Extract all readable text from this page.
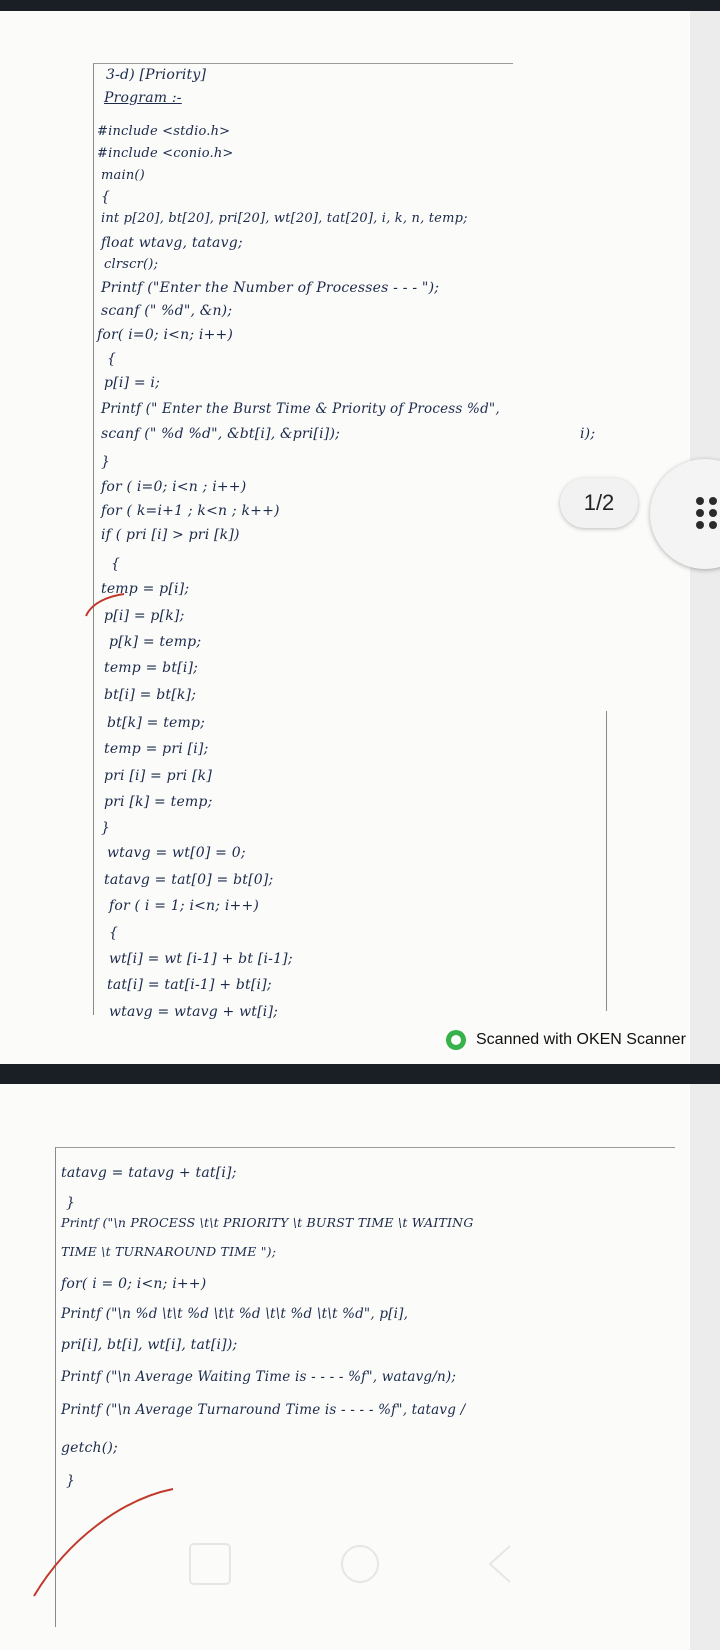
3-d) [Priority]
Program :-
#include <stdio.h>
#include <conio.h>
main()
{
int p[20], bt[20], pri[20], wt[20], tat[20], i, k, n, temp;
float wtavg, tatavg;
clrscr();
Printf ("Enter the Number of Processes - - - ");
scanf (" %d", &n);
for( i=0; i<n; i++)
{
p[i] = i;
Printf (" Enter the Burst Time & Priority of Process %d",
scanf (" %d %d", &bt[i], &pri[i]);	i);
}
for ( i=0; i<n ; i++)
for ( k=i+1 ; k<n ; k++)
if ( pri [i] > pri [k])
{
temp = p[i];
p[i] = p[k];
p[k] = temp;
temp = bt[i];
bt[i] = bt[k];
bt[k] = temp;
temp = pri [i];
pri [i] = pri [k]
pri [k] = temp;
}
wtavg = wt[0] = 0;
tatavg = tat[0] = bt[0];
for ( i = 1; i<n; i++)
{
wt[i] = wt [i-1] + bt [i-1];
tat[i] = tat[i-1] + bt[i];
wtavg = wtavg + wt[i];
1/2
Scanned with OKEN Scanner
tatavg = tatavg + tat[i];
}
Printf ("\n PROCESS \t\t PRIORITY \t BURST TIME \t WAITING
TIME \t TURNAROUND TIME ");
for( i = 0; i<n; i++)
Printf ("\n %d \t\t %d \t\t %d \t\t %d \t\t %d", p[i],
pri[i], bt[i], wt[i], tat[i]);
Printf ("\n Average Waiting Time is - - - - %f", watavg/n);
Printf ("\n Average Turnaround Time is - - - - %f", tatavg /
getch();
}
